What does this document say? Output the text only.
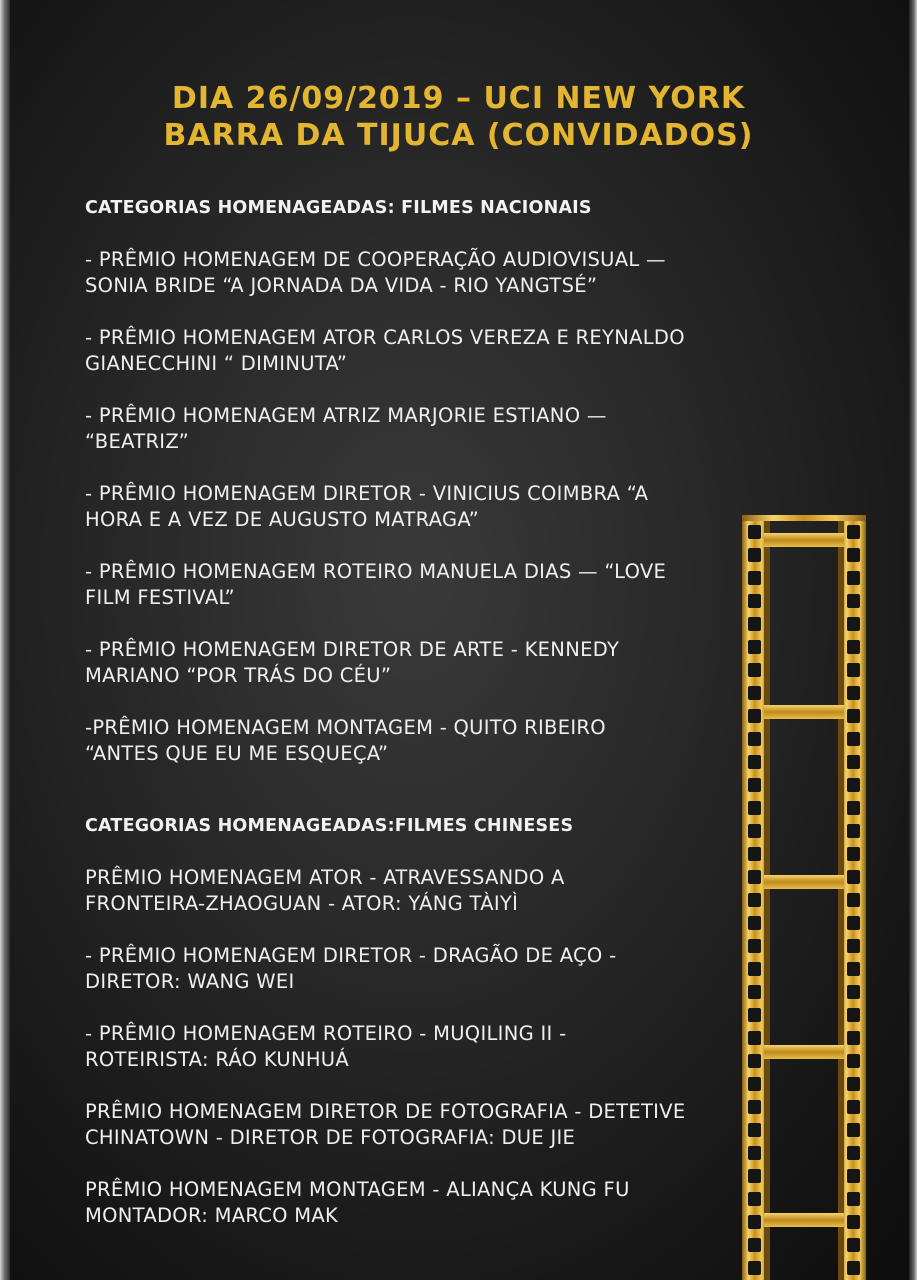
DIA 26/09/2019 – UCI NEW YORK
BARRA DA TIJUCA (CONVIDADOS)
CATEGORIAS HOMENAGEADAS: FILMES NACIONAIS
- PRÊMIO HOMENAGEM DE COOPERAÇÃO AUDIOVISUAL —
SONIA BRIDE “A JORNADA DA VIDA - RIO YANGTSÉ”
- PRÊMIO HOMENAGEM ATOR CARLOS VEREZA E REYNALDO
GIANECCHINI “ DIMINUTA”
- PRÊMIO HOMENAGEM ATRIZ MARJORIE ESTIANO —
“BEATRIZ”
- PRÊMIO HOMENAGEM DIRETOR - VINICIUS COIMBRA “A
HORA E A VEZ DE AUGUSTO MATRAGA”
- PRÊMIO HOMENAGEM ROTEIRO MANUELA DIAS — “LOVE
FILM FESTIVAL”
- PRÊMIO HOMENAGEM DIRETOR DE ARTE - KENNEDY
MARIANO “POR TRÁS DO CÉU”
-PRÊMIO HOMENAGEM MONTAGEM - QUITO RIBEIRO
“ANTES QUE EU ME ESQUEÇA”
CATEGORIAS HOMENAGEADAS:FILMES CHINESES
PRÊMIO HOMENAGEM ATOR - ATRAVESSANDO A
FRONTEIRA-ZHAOGUAN - ATOR: YÁNG TÀIYÌ
- PRÊMIO HOMENAGEM DIRETOR - DRAGÃO DE AÇO -
DIRETOR: WANG WEI
- PRÊMIO HOMENAGEM ROTEIRO - MUQILING II -
ROTEIRISTA: RÁO KUNHUÁ
PRÊMIO HOMENAGEM DIRETOR DE FOTOGRAFIA - DETETIVE
CHINATOWN - DIRETOR DE FOTOGRAFIA: DUE JIE
PRÊMIO HOMENAGEM MONTAGEM - ALIANÇA KUNG FU
MONTADOR: MARCO MAK
